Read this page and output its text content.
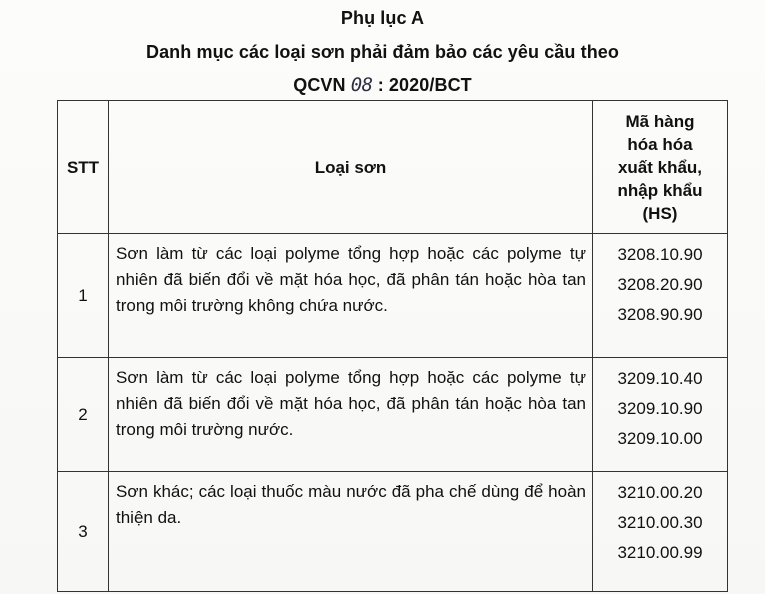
Phụ lục A
Danh mục các loại sơn phải đảm bảo các yêu cầu theo
QCVN 08 : 2020/BCT
STT	Loại sơn	Mã hàng
hóa hóa
xuất khẩu,
nhập khẩu
(HS)

1	Sơn làm từ các loại polyme tổng hợp hoặc các polyme tự nhiên đã biến đổi về mặt hóa học, đã phân tán hoặc hòa tan trong môi trường không chứa nước.	3208.10.90
3208.20.90
3208.90.90

2	Sơn làm từ các loại polyme tổng hợp hoặc các polyme tự nhiên đã biến đổi về mặt hóa học, đã phân tán hoặc hòa tan trong môi trường nước.	3209.10.40
3209.10.90
3209.10.00

3	Sơn khác; các loại thuốc màu nước đã pha chế dùng để hoàn thiện da.	3210.00.20
3210.00.30
3210.00.99
